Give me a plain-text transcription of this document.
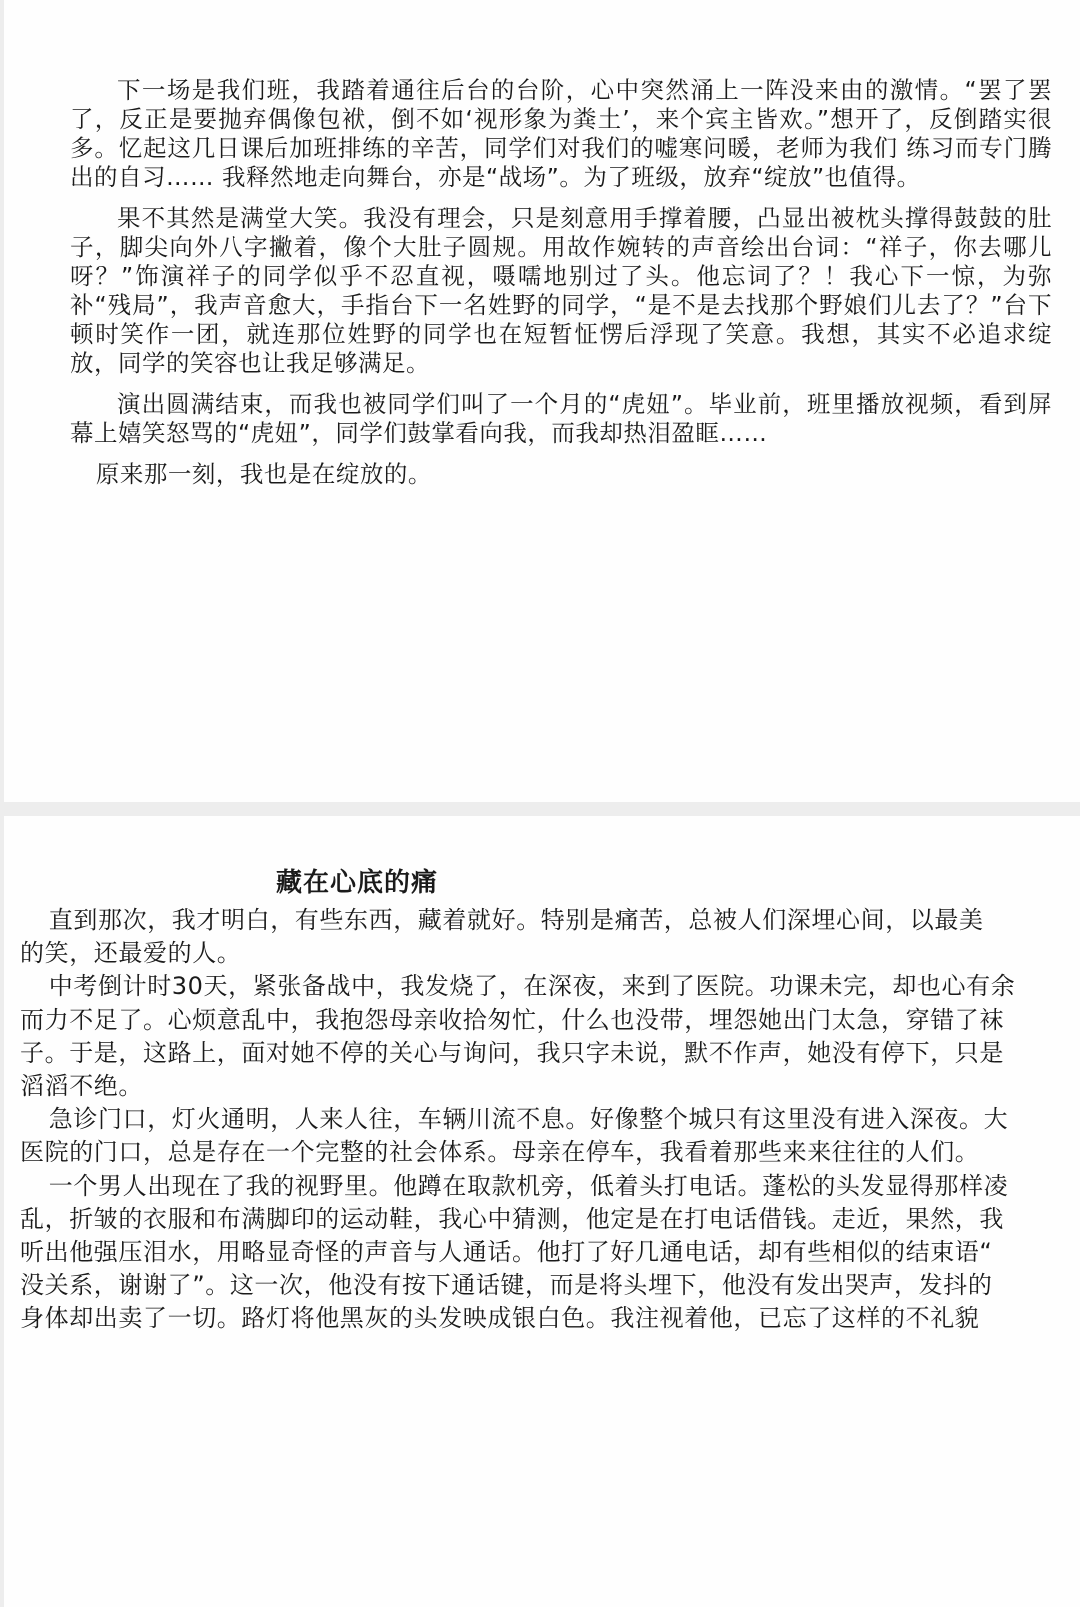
下一场是我们班，我踏着通往后台的台阶，心中突然涌上一阵没来由的激情。“罢了罢了，反正是要抛弃偶像包袱，倒不如‘视形象为粪土’，来个宾主皆欢。”想开了，反倒踏实很多。忆起这几日课后加班排练的辛苦，同学们对我们的嘘寒问暖，老师为我们 练习而专门腾出的自习…… 我释然地走向舞台，亦是“战场”。为了班级，放弃“绽放”也值得。

果不其然是满堂大笑。我没有理会，只是刻意用手撑着腰，凸显出被枕头撑得鼓鼓的肚子，脚尖向外八字撇着，像个大肚子圆规。用故作婉转的声音绘出台词：“祥子，你去哪儿呀？”饰演祥子的同学似乎不忍直视，嗫嚅地别过了头。他忘词了？！我心下一惊，为弥补“残局”，我声音愈大，手指台下一名姓野的同学，“是不是去找那个野娘们儿去了？”台下顿时笑作一团，就连那位姓野的同学也在短暂怔愣后浮现了笑意。我想，其实不必追求绽放，同学的笑容也让我足够满足。

演出圆满结束，而我也被同学们叫了一个月的“虎妞”。毕业前，班里播放视频，看到屏幕上嬉笑怒骂的“虎妞”，同学们鼓掌看向我，而我却热泪盈眶……

原来那一刻，我也是在绽放的。

藏在心底的痛
直到那次，我才明白，有些东西，藏着就好。特别是痛苦，总被人们深埋心间，以最美
的笑，还最爱的人。
中考倒计时30天，紧张备战中，我发烧了，在深夜，来到了医院。功课未完，却也心有余
而力不足了。心烦意乱中，我抱怨母亲收拾匆忙，什么也没带，埋怨她出门太急，穿错了袜
子。于是，这路上，面对她不停的关心与询问，我只字未说，默不作声，她没有停下，只是
滔滔不绝。
急诊门口，灯火通明，人来人往，车辆川流不息。好像整个城只有这里没有进入深夜。大
医院的门口，总是存在一个完整的社会体系。母亲在停车，我看着那些来来往往的人们。
一个男人出现在了我的视野里。他蹲在取款机旁，低着头打电话。蓬松的头发显得那样凌
乱，折皱的衣服和布满脚印的运动鞋，我心中猜测，他定是在打电话借钱。走近，果然，我
听出他强压泪水，用略显奇怪的声音与人通话。他打了好几通电话，却有些相似的结束语“
没关系，谢谢了”。这一次，他没有按下通话键，而是将头埋下，他没有发出哭声，发抖的
身体却出卖了一切。路灯将他黑灰的头发映成银白色。我注视着他，已忘了这样的不礼貌
